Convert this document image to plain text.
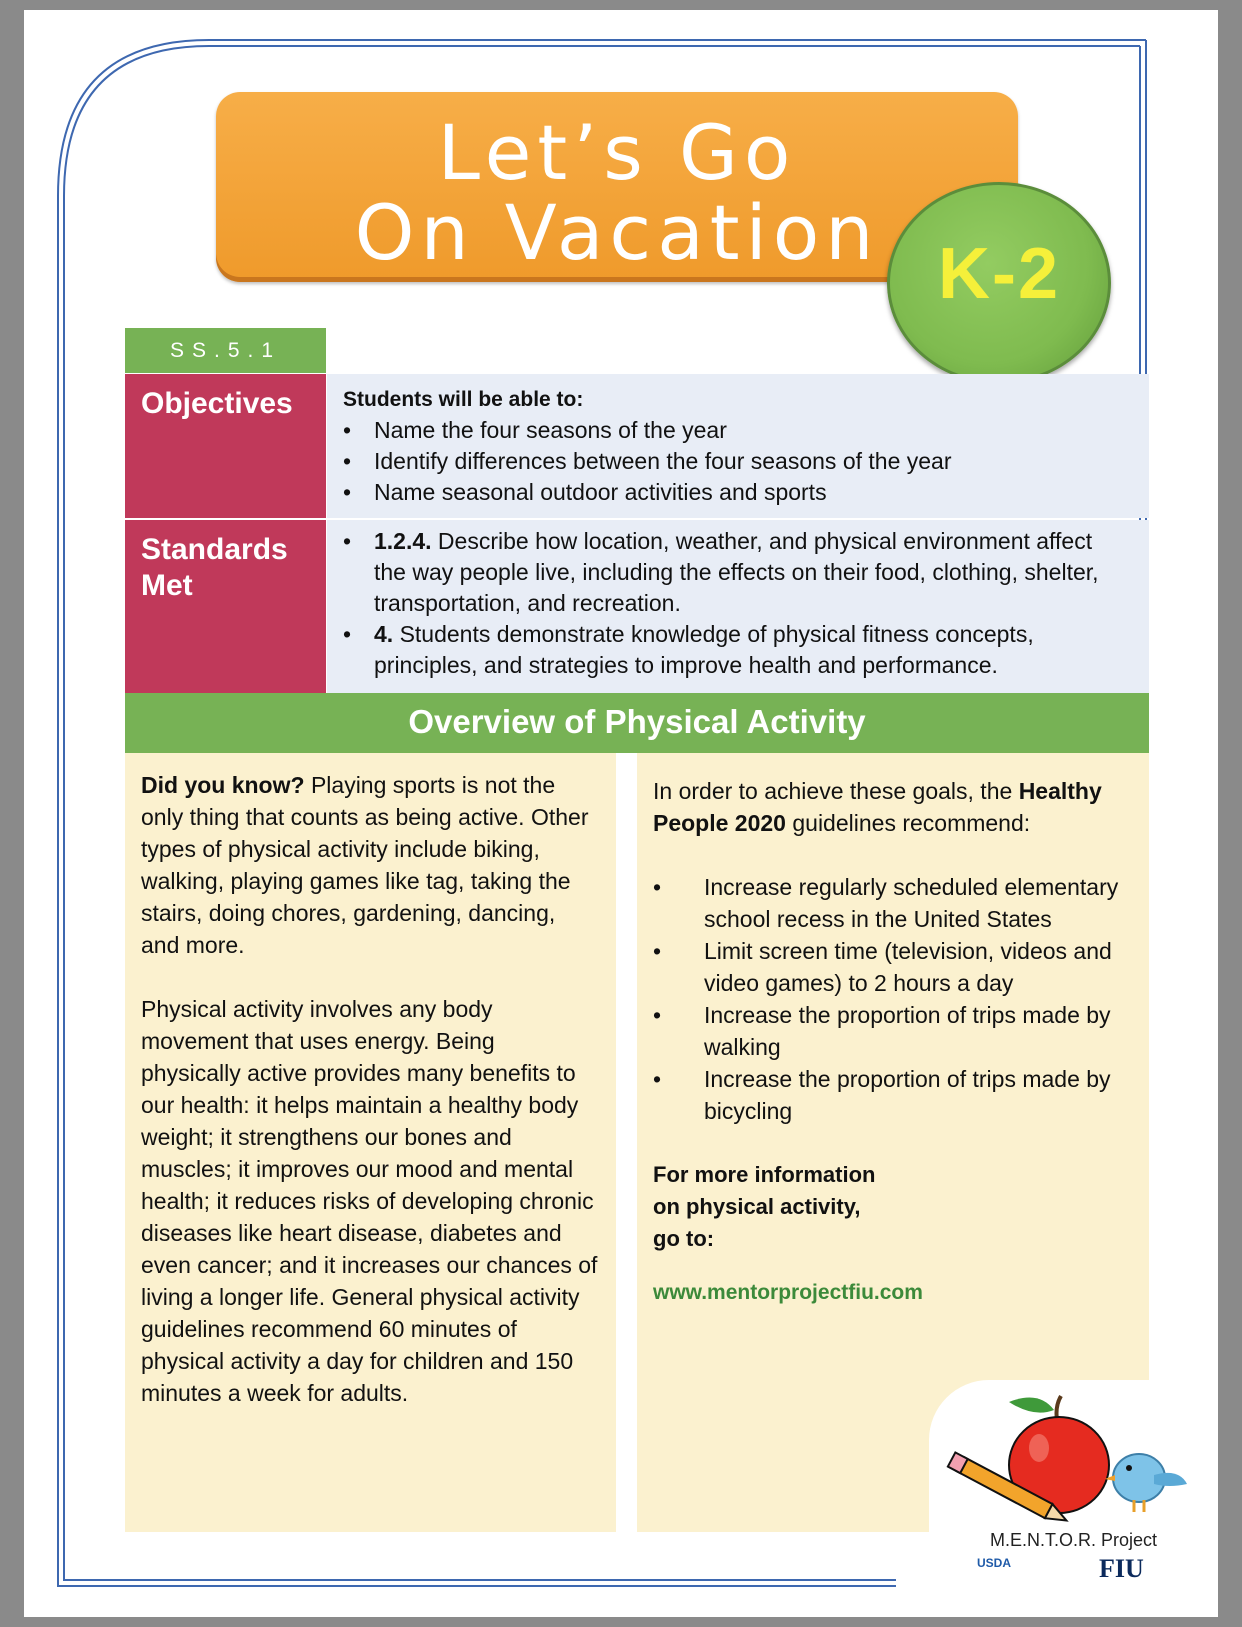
Let’s Go
On Vacation K-2
SS.5.1
Objectives	Students will be able to:
• Name the four seasons of the year
• Identify differences between the four seasons of the year
• Name seasonal outdoor activities and sports
Standards Met
• 1.2.4. Describe how location, weather, and physical environment affect the way people live, including the effects on their food, clothing, shelter, transportation, and recreation.
• 4. Students demonstrate knowledge of physical fitness concepts, principles, and strategies to improve health and performance.
Overview of Physical Activity

Did you know? Playing sports is not the only thing that counts as being active. Other types of physical activity include biking, walking, playing games like tag, taking the stairs, doing chores, gardening, dancing, and more.

Physical activity involves any body movement that uses energy. Being physically active provides many benefits to our health: it helps maintain a healthy body weight; it strengthens our bones and muscles; it improves our mood and mental health; it reduces risks of developing chronic diseases like heart disease, diabetes and even cancer; and it increases our chances of living a longer life. General physical activity guidelines recommend 60 minutes of physical activity a day for children and 150 minutes a week for adults.

In order to achieve these goals, the Healthy People 2020 guidelines recommend:

• Increase regularly scheduled elementary school recess in the United States
• Limit screen time (television, videos and video games) to 2 hours a day
• Increase the proportion of trips made by walking
• Increase the proportion of trips made by bicycling
For more information
on physical activity,
go to:
www.mentorprojectfiu.com
M.E.N.T.O.R. Project
USDA	FIU
